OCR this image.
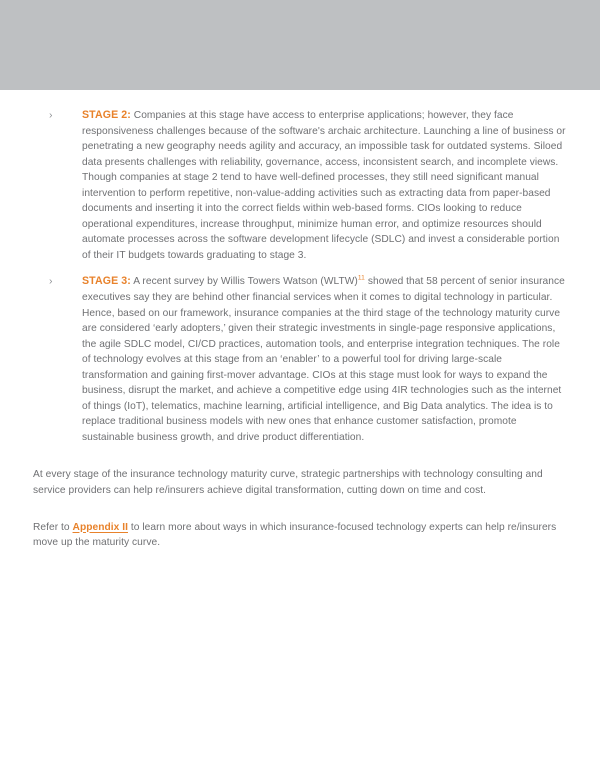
›	STAGE 2: Companies at this stage have access to enterprise applications; however, they face responsiveness challenges because of the software's archaic architecture. Launching a line of business or penetrating a new geography needs agility and accuracy, an impossible task for outdated systems. Siloed data presents challenges with reliability, governance, access, inconsistent search, and incomplete views. Though companies at stage 2 tend to have well-defined processes, they still need significant manual intervention to perform repetitive, non-value-adding activities such as extracting data from paper-based documents and inserting it into the correct fields within web-based forms. CIOs looking to reduce operational expenditures, increase throughput, minimize human error, and optimize resources should automate processes across the software development lifecycle (SDLC) and invest a considerable portion of their IT budgets towards graduating to stage 3.
›	STAGE 3: A recent survey by Willis Towers Watson (WLTW)$^{11}$ showed that 58 percent of senior insurance executives say they are behind other financial services when it comes to digital technology in particular. Hence, based on our framework, insurance companies at the third stage of the technology maturity curve are considered ‘early adopters,’ given their strategic investments in single-page responsive applications, the agile SDLC model, CI/CD practices, automation tools, and enterprise integration techniques. The role of technology evolves at this stage from an ‘enabler’ to a powerful tool for driving large-scale transformation and gaining first-mover advantage. CIOs at this stage must look for ways to expand the business, disrupt the market, and achieve a competitive edge using 4IR technologies such as the internet of things (IoT), telematics, machine learning, artificial intelligence, and Big Data analytics. The idea is to replace traditional business models with new ones that enhance customer satisfaction, promote sustainable business growth, and drive product differentiation.

At every stage of the insurance technology maturity curve, strategic partnerships with technology consulting and service providers can help re/insurers achieve digital transformation, cutting down on time and cost.

Refer to Appendix II to learn more about ways in which insurance-focused technology experts can help re/insurers move up the maturity curve.
